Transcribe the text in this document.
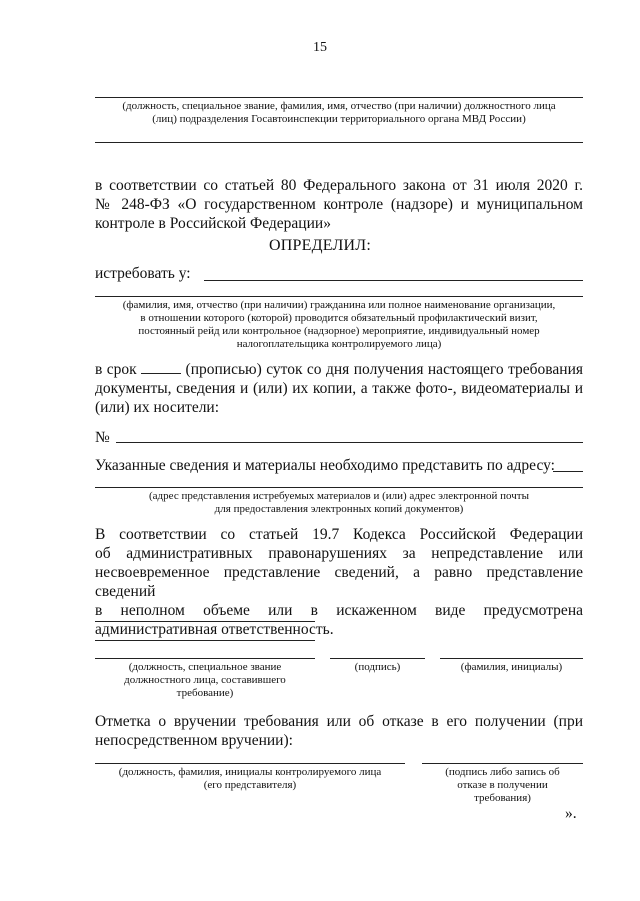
15
(должность, специальное звание, фамилия, имя, отчество (при наличии) должностного лица
(лиц) подразделения Госавтоинспекции территориального органа МВД России)
в соответствии со статьей 80 Федерального закона от 31 июля 2020 г.
№ 248-ФЗ «О государственном контроле (надзоре) и муниципальном
контроле в Российской Федерации»
ОПРЕДЕЛИЛ:
истребовать у:
(фамилия, имя, отчество (при наличии) гражданина или полное наименование организации,
в отношении которого (которой) проводится обязательный профилактический визит,
постоянный рейд или контрольное (надзорное) мероприятие, индивидуальный номер
налогоплательщика контролируемого лица)
в срок	(прописью) суток со дня получения настоящего требования
документы, сведения и (или) их копии, а также фото-, видеоматериалы и
(или) их носители:
№
Указанные сведения и материалы необходимо представить по адресу:
(адрес представления истребуемых материалов и (или) адрес электронной почты
для предоставления электронных копий документов)
В соответствии со статьей 19.7 Кодекса Российской Федерации
об административных правонарушениях за непредставление или
несвоевременное представление сведений, а равно представление сведений
в неполном объеме или в искаженном виде предусмотрена
административная ответственность.
(должность, специальное звание
должностного лица, составившего
требование)
(подпись)	(фамилия, инициалы)
Отметка о вручении требования или об отказе в его получении (при
непосредственном вручении):
(должность, фамилия, инициалы контролируемого лица
(его представителя)
(подпись либо запись об
отказе в получении
требования)
».
